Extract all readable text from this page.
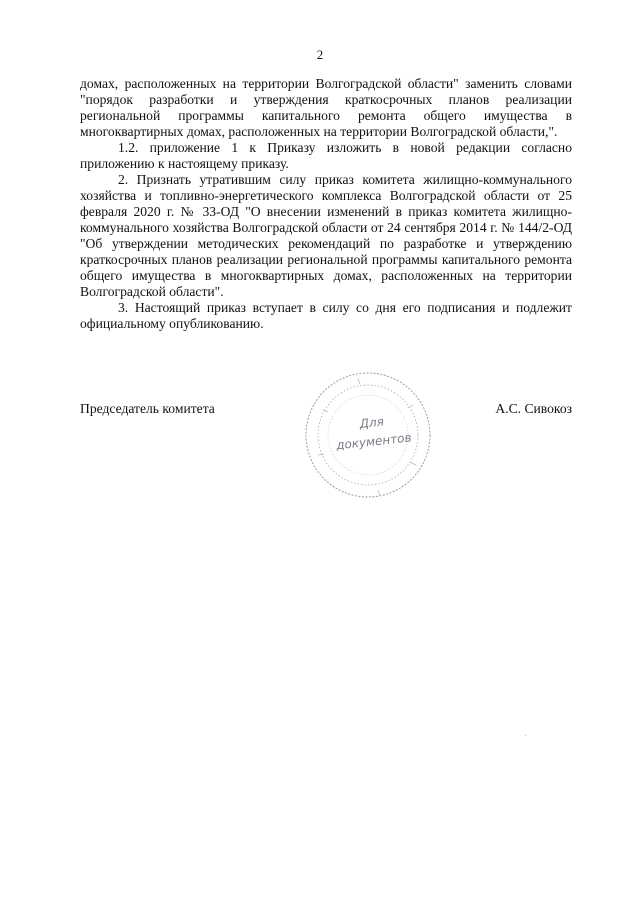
2

домах, расположенных на территории Волгоградской области" заменить словами "порядок разработки и утверждения краткосрочных планов реализации региональной программы капитального ремонта общего имущества в многоквартирных домах, расположенных на территории Волгоградской области,".

1.2. приложение 1 к Приказу изложить в новой редакции согласно приложению к настоящему приказу.

2. Признать утратившим силу приказ комитета жилищно-коммунального хозяйства и топливно-энергетического комплекса Волгоградской области от 25 февраля 2020 г. № 33-ОД "О внесении изменений в приказ комитета жилищно-коммунального хозяйства Волгоградской области от 24 сентября 2014 г. № 144/2-ОД "Об утверждении методических рекомендаций по разработке и утверждению краткосрочных планов реализации региональной программы капитального ремонта общего имущества в многоквартирных домах, расположенных на территории Волгоградской области".

3. Настоящий приказ вступает в силу со дня его подписания и подлежит официальному опубликованию.

Председатель комитета	А.С. Сивокоз
Для
документов
